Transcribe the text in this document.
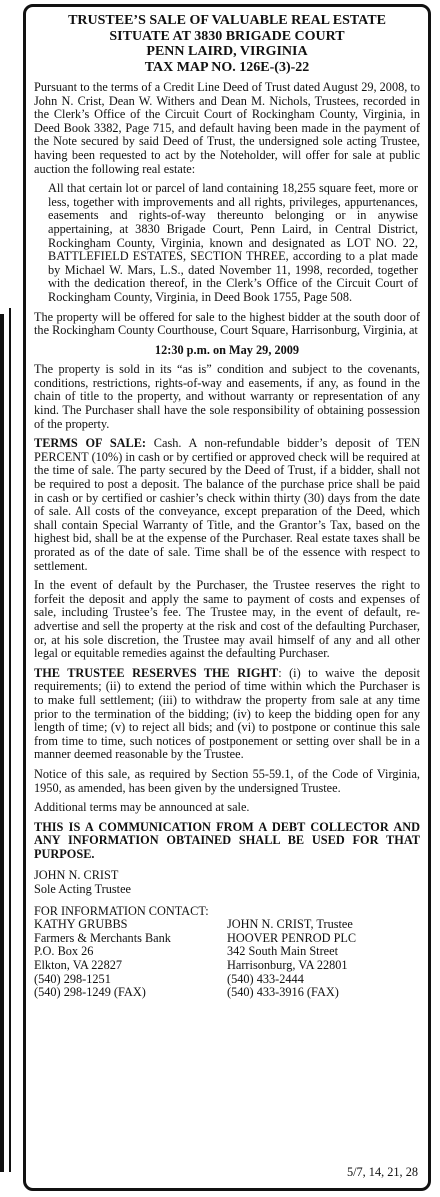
TRUSTEE’S SALE OF VALUABLE REAL ESTATE
SITUATE AT 3830 BRIGADE COURT
PENN LAIRD, VIRGINIA
TAX MAP NO. 126E-(3)-22

Pursuant to the terms of a Credit Line Deed of Trust dated August 29, 2008, to John N. Crist, Dean W. Withers and Dean M. Nichols, Trustees, recorded in the Clerk’s Office of the Circuit Court of Rockingham County, Virginia, in Deed Book 3382, Page 715, and default having been made in the payment of the Note secured by said Deed of Trust, the undersigned sole acting Trustee, having been requested to act by the Noteholder, will offer for sale at public auction the following real estate:

All that certain lot or parcel of land containing 18,255 square feet, more or less, together with improvements and all rights, privileges, appurtenances, easements and rights-of-way thereunto belonging or in anywise appertaining, at 3830 Brigade Court, Penn Laird, in Central District, Rockingham County, Virginia, known and designated as LOT NO. 22, BATTLEFIELD ESTATES, SECTION THREE, according to a plat made by Michael W. Mars, L.S., dated November 11, 1998, recorded, together with the dedication thereof, in the Clerk’s Office of the Circuit Court of Rockingham County, Virginia, in Deed Book 1755, Page 508.

The property will be offered for sale to the highest bidder at the south door of the Rockingham County Courthouse, Court Square, Harrisonburg, Virginia, at

12:30 p.m. on May 29, 2009

The property is sold in its “as is” condition and subject to the covenants, conditions, restrictions, rights-of-way and easements, if any, as found in the chain of title to the property, and without warranty or representation of any kind. The Purchaser shall have the sole responsibility of obtaining possession of the property.

TERMS OF SALE: Cash. A non-refundable bidder’s deposit of TEN PERCENT (10%) in cash or by certified or approved check will be required at the time of sale. The party secured by the Deed of Trust, if a bidder, shall not be required to post a deposit. The balance of the purchase price shall be paid in cash or by certified or cashier’s check within thirty (30) days from the date of sale. All costs of the conveyance, except preparation of the Deed, which shall contain Special Warranty of Title, and the Grantor’s Tax, based on the highest bid, shall be at the expense of the Purchaser. Real estate taxes shall be prorated as of the date of sale. Time shall be of the essence with respect to settlement.

In the event of default by the Purchaser, the Trustee reserves the right to forfeit the deposit and apply the same to payment of costs and expenses of sale, including Trustee’s fee. The Trustee may, in the event of default, re-advertise and sell the property at the risk and cost of the defaulting Purchaser, or, at his sole discretion, the Trustee may avail himself of any and all other legal or equitable remedies against the defaulting Purchaser.

THE TRUSTEE RESERVES THE RIGHT: (i) to waive the deposit requirements; (ii) to extend the period of time within which the Purchaser is to make full settlement; (iii) to withdraw the property from sale at any time prior to the termination of the bidding; (iv) to keep the bidding open for any length of time; (v) to reject all bids; and (vi) to postpone or continue this sale from time to time, such notices of postponement or setting over shall be in a manner deemed reasonable by the Trustee.

Notice of this sale, as required by Section 55-59.1, of the Code of Virginia, 1950, as amended, has been given by the undersigned Trustee.

Additional terms may be announced at sale.

THIS IS A COMMUNICATION FROM A DEBT COLLECTOR AND ANY INFORMATION OBTAINED SHALL BE USED FOR THAT PURPOSE.

JOHN N. CRIST
Sole Acting Trustee
FOR INFORMATION CONTACT:
KATHY GRUBBS
Farmers & Merchants Bank
P.O. Box 26
Elkton, VA 22827
(540) 298-1251
(540) 298-1249 (FAX)
JOHN N. CRIST, Trustee
HOOVER PENROD PLC
342 South Main Street
Harrisonburg, VA 22801
(540) 433-2444
(540) 433-3916 (FAX)
5/7, 14, 21, 28
